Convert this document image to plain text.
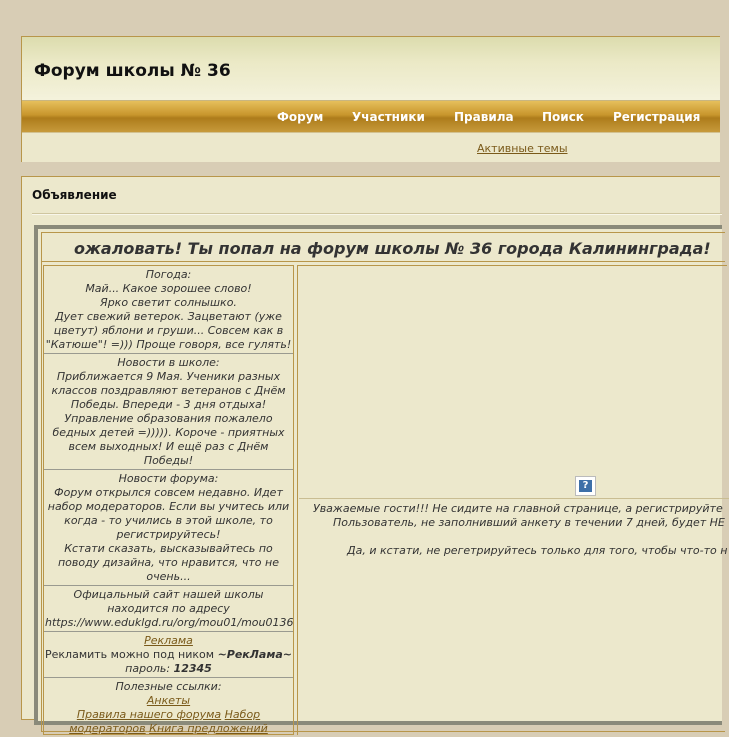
Форум школы № 36
Форум Участники Правила Поиск Регистрация
Активные темы
Объявление
ожаловать! Ты попал на форум школы № 36 города Калининграда!

Погода:

Май... Какое зорошее слово!

Ярко светит солнышко.

Дует свежий ветерок. Зацветают (уже цветут) яблони и груши... Совсем как в "Катюше"! =))) Проще говоря, все гулять!

Новости в школе:

Приближается 9 Мая. Ученики разных классов поздравляют ветеранов с Днём Победы. Впереди - 3 дня отдыха! Управление образования пожалело бедных детей =))))). Короче - приятных всем выходных! И ещё раз с Днём Победы!

Новости форума:

Форум открылся совсем недавно. Идет набор модераторов. Если вы учитесь или когда - то учились в этой школе, то регистрируйтесь!

Кстати сказать, высказывайтесь по поводу дизайна, что нравится, что не очень...

Офицальный сайт нашей школы находится по адресу

https://www.eduklgd.ru/org/mou01/mou0136

Реклама

Рекламить можно под ником ~РекЛама~

пароль: 12345

Полезные ссылки:

Анкеты

Правила нашего форума Набор модераторов Книга предложений

?
Уважаемые гости!!! Не сидите на главной странице, а регистрируйте
Пользователь, не заполнивший анкету в течении 7 дней, будет НЕ
Да, и кстати, не регетрируйтесь только для того, чтобы что-то н
